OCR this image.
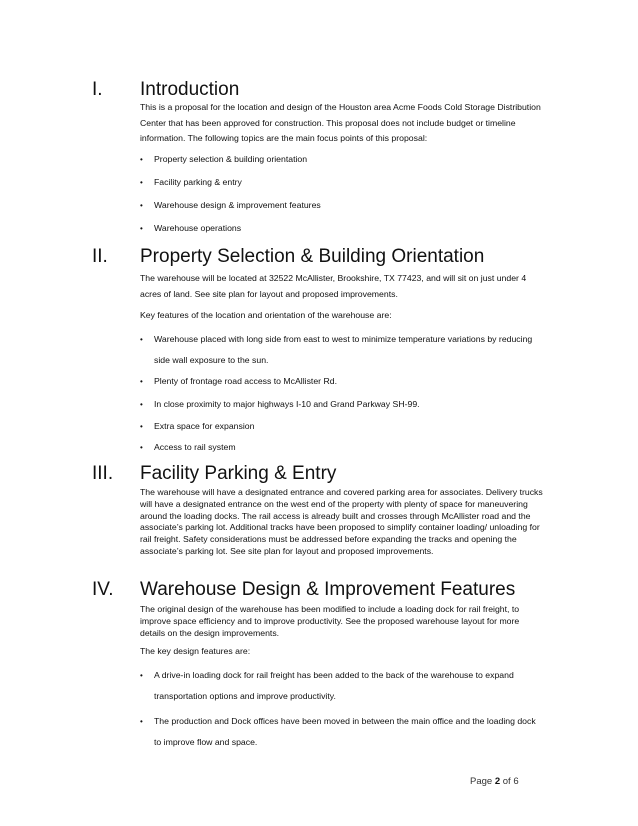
I. Introduction

This is a proposal for the location and design of the Houston area Acme Foods Cold Storage Distribution Center that has been approved for construction. This proposal does not include budget or timeline information. The following topics are the main focus points of this proposal:

•	Property selection & building orientation
•	Facility parking & entry
•	Warehouse design & improvement features
•	Warehouse operations
II. Property Selection & Building Orientation

The warehouse will be located at 32522 McAllister, Brookshire, TX 77423, and will sit on just under 4 acres of land. See site plan for layout and proposed improvements.

Key features of the location and orientation of the warehouse are:

•	Warehouse placed with long side from east to west to minimize temperature variations by reducing side wall exposure to the sun.
•	Plenty of frontage road access to McAllister Rd.
•	In close proximity to major highways I-10 and Grand Parkway SH-99.
•	Extra space for expansion
•	Access to rail system
III. Facility Parking & Entry

The warehouse will have a designated entrance and covered parking area for associates. Delivery trucks will have a designated entrance on the west end of the property with plenty of space for maneuvering around the loading docks. The rail access is already built and crosses through McAllister road and the associate’s parking lot. Additional tracks have been proposed to simplify container loading/ unloading for rail freight. Safety considerations must be addressed before expanding the tracks and opening the associate’s parking lot. See site plan for layout and proposed improvements.

IV. Warehouse Design & Improvement Features

The original design of the warehouse has been modified to include a loading dock for rail freight, to improve space efficiency and to improve productivity. See the proposed warehouse layout for more details on the design improvements.

The key design features are:

•	A drive-in loading dock for rail freight has been added to the back of the warehouse to expand transportation options and improve productivity.
•	The production and Dock offices have been moved in between the main office and the loading dock to improve flow and space.
Page 2 of 6
